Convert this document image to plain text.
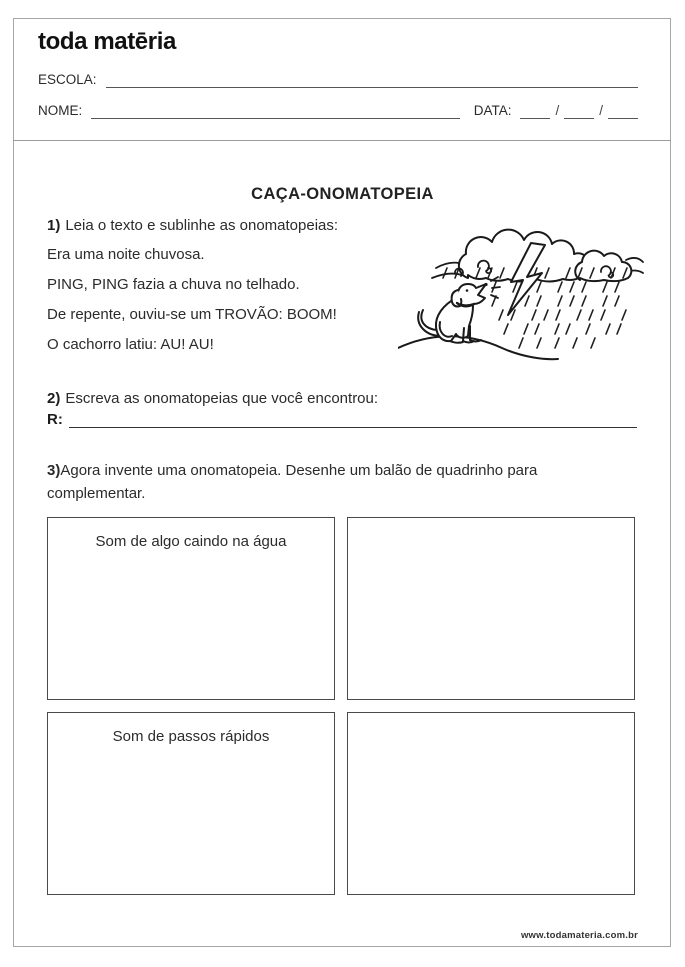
toda matēria
ESCOLA:
NOME:	DATA:	/	/
CAÇA-ONOMATOPEIA
1) Leia o texto e sublinhe as onomatopeias:
Era uma noite chuvosa.
PING, PING fazia a chuva no telhado.
De repente, ouviu-se um TROVÃO: BOOM!
O cachorro latiu: AU! AU!
2) Escreva as onomatopeias que você encontrou:
R:
3)Agora invente uma onomatopeia. Desenhe um balão de quadrinho para complementar.
Som de algo caindo na água
Som de passos rápidos
www.todamateria.com.br
